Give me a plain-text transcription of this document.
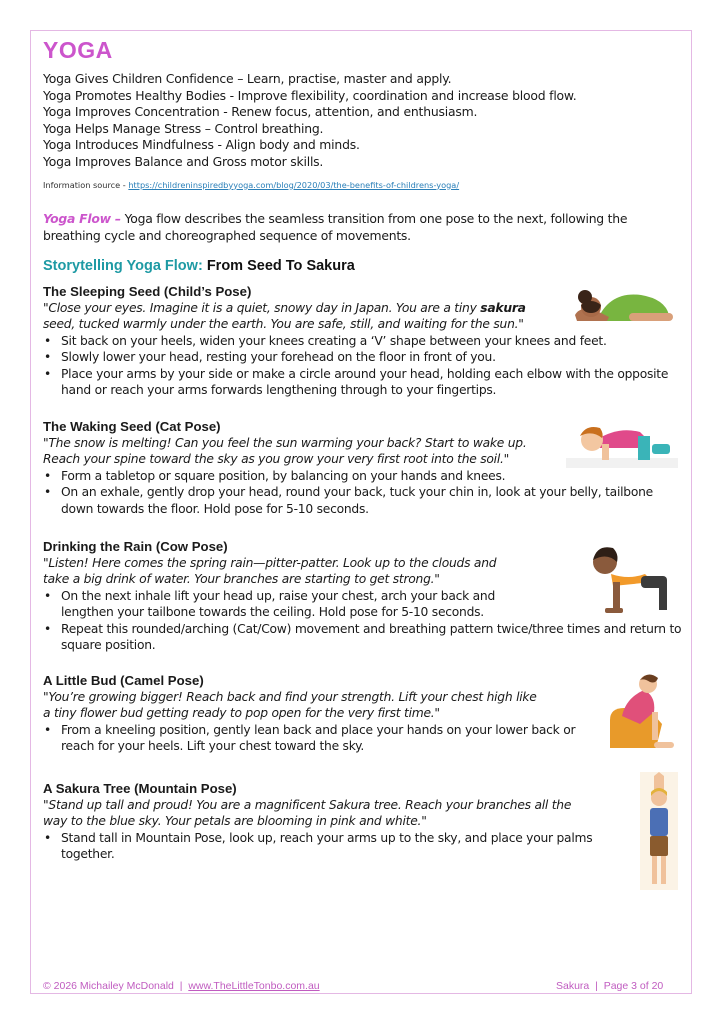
YOGA
Yoga Gives Children Confidence – Learn, practise, master and apply.
Yoga Promotes Healthy Bodies - Improve flexibility, coordination and increase blood flow.
Yoga Improves Concentration - Renew focus, attention, and enthusiasm.
Yoga Helps Manage Stress – Control breathing.
Yoga Introduces Mindfulness - Align body and minds.
Yoga Improves Balance and Gross motor skills.
Information source - https://childreninspiredbyyoga.com/blog/2020/03/the-benefits-of-childrens-yoga/
Yoga Flow – Yoga flow describes the seamless transition from one pose to the next, following the breathing cycle and choreographed sequence of movements.
Storytelling Yoga Flow: From Seed To Sakura
The Sleeping Seed (Child’s Pose)
"Close your eyes. Imagine it is a quiet, snowy day in Japan. You are a tiny sakura
seed, tucked warmly under the earth. You are safe, still, and waiting for the sun."
• Sit back on your heels, widen your knees creating a ‘V’ shape between your knees and feet.
• Slowly lower your head, resting your forehead on the floor in front of you.
• Place your arms by your side or make a circle around your head, holding each elbow with the opposite hand or reach your arms forwards lengthening through to your fingertips.
The Waking Seed (Cat Pose)
"The snow is melting! Can you feel the sun warming your back? Start to wake up.
Reach your spine toward the sky as you grow your very first root into the soil."
• Form a tabletop or square position, by balancing on your hands and knees.
• On an exhale, gently drop your head, round your back, tuck your chin in, look at your belly, tailbone down towards the floor. Hold pose for 5-10 seconds.
Drinking the Rain (Cow Pose)
"Listen! Here comes the spring rain—pitter-patter. Look up to the clouds and
take a big drink of water. Your branches are starting to get strong."
• On the next inhale lift your head up, raise your chest, arch your back and lengthen your tailbone towards the ceiling. Hold pose for 5-10 seconds.
• Repeat this rounded/arching (Cat/Cow) movement and breathing pattern twice/three times and return to square position.
A Little Bud (Camel Pose)
"You’re growing bigger! Reach back and find your strength. Lift your chest high like
a tiny flower bud getting ready to pop open for the very first time."
• From a kneeling position, gently lean back and place your hands on your lower back or reach for your heels. Lift your chest toward the sky.
A Sakura Tree (Mountain Pose)
"Stand up tall and proud! You are a magnificent Sakura tree. Reach your branches all the
way to the blue sky. Your petals are blooming in pink and white."
• Stand tall in Mountain Pose, look up, reach your arms up to the sky, and place your palms together.
© 2026 Michailey McDonald | www.TheLittleTonbo.com.au	Sakura | Page 3 of 20
